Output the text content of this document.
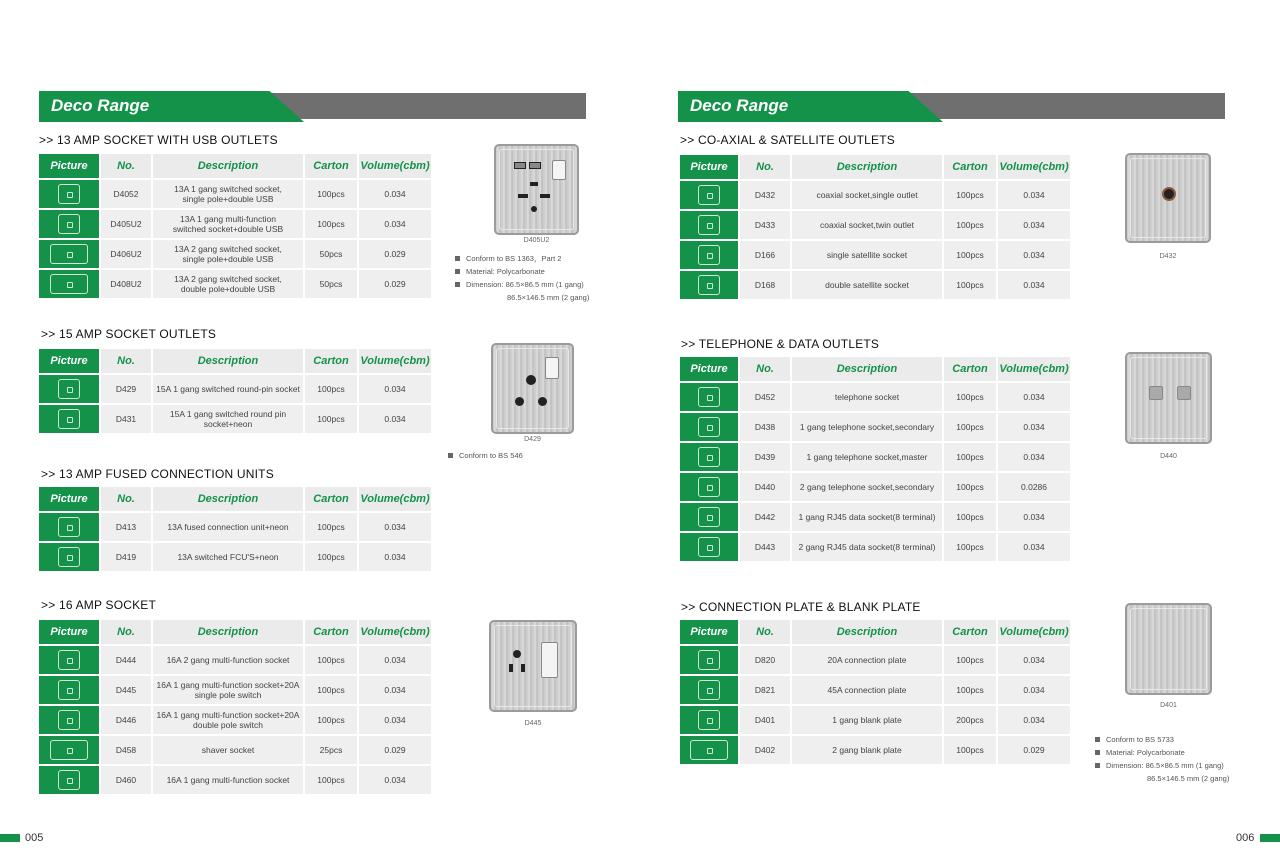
Deco Range
>> 13 AMP SOCKET WITH USB OUTLETS
Picture	No.	Description	Carton	Volume(cbm)

	D4052	13A 1 gang switched socket,
single pole+double USB	100pcs	0.034

	D405U2	13A 1 gang multi-function
switched socket+double USB	100pcs	0.034

	D406U2	13A 2 gang switched socket,
single pole+double USB	50pcs	0.029

	D408U2	13A 2 gang switched socket,
double pole+double USB	50pcs	0.029
D405U2
Conform to BS 1363，Part 2
Material: Polycarbonate
Dimension: 86.5×86.5 mm (1 gang)
86.5×146.5 mm (2 gang)
>> 15 AMP SOCKET OUTLETS
Picture	No.	Description	Carton	Volume(cbm)

	D429	15A 1 gang switched round-pin socket	100pcs	0.034

	D431	15A 1 gang switched round pin
socket+neon	100pcs	0.034
D429
Conform to BS 546
>> 13 AMP FUSED CONNECTION UNITS
Picture	No.	Description	Carton	Volume(cbm)

	D413	13A fused connection unit+neon	100pcs	0.034

	D419	13A switched FCU'S+neon	100pcs	0.034
>> 16 AMP SOCKET
Picture	No.	Description	Carton	Volume(cbm)

	D444	16A 2 gang multi-function socket	100pcs	0.034

	D445	16A 1 gang multi-function socket+20A
single pole switch	100pcs	0.034

	D446	16A 1 gang multi-function socket+20A
double pole switch	100pcs	0.034

	D458	shaver socket	25pcs	0.029

	D460	16A 1 gang multi-function socket	100pcs	0.034
D445
005
Deco Range
>> CO-AXIAL & SATELLITE OUTLETS
Picture	No.	Description	Carton	Volume(cbm)

	D432	coaxial socket,single outlet	100pcs	0.034

	D433	coaxial socket,twin outlet	100pcs	0.034

	D166	single satellite socket	100pcs	0.034

	D168	double satellite socket	100pcs	0.034
D432
>> TELEPHONE & DATA OUTLETS
Picture	No.	Description	Carton	Volume(cbm)

	D452	telephone socket	100pcs	0.034

	D438	1 gang telephone socket,secondary	100pcs	0.034

	D439	1 gang telephone socket,master	100pcs	0.034

	D440	2 gang telephone socket,secondary	100pcs	0.0286

	D442	1 gang RJ45 data socket(8 terminal)	100pcs	0.034

	D443	2 gang RJ45 data socket(8 terminal)	100pcs	0.034
D440
>> CONNECTION PLATE & BLANK PLATE
Picture	No.	Description	Carton	Volume(cbm)

	D820	20A connection plate	100pcs	0.034

	D821	45A connection plate	100pcs	0.034

	D401	1 gang blank plate	200pcs	0.034

	D402	2 gang blank plate	100pcs	0.029
D401
Conform to BS 5733
Material: Polycarbonate
Dimension: 86.5×86.5 mm (1 gang)
86.5×146.5 mm (2 gang)
006
